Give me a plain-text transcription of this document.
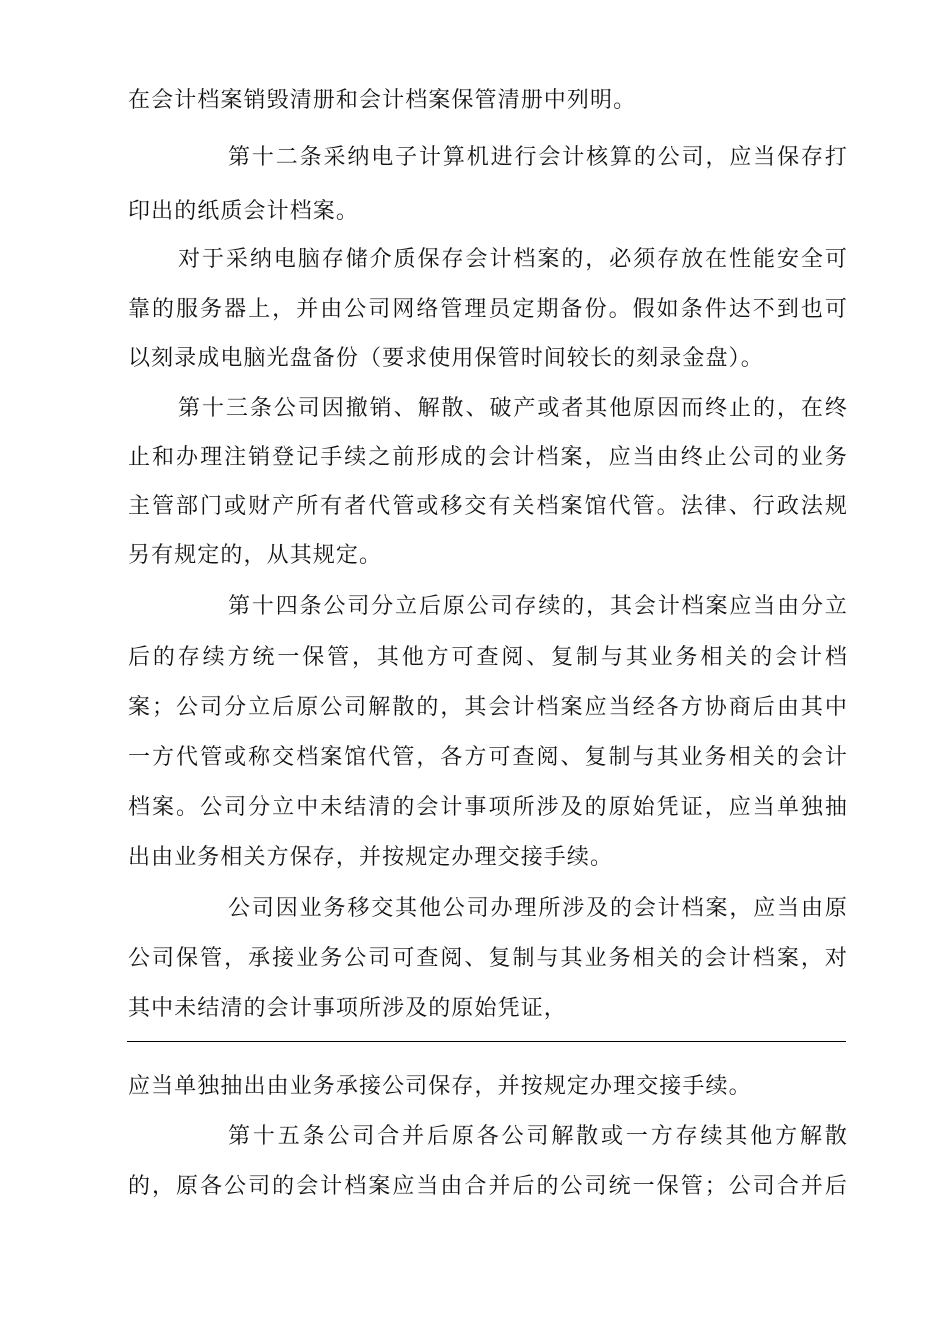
在会计档案销毁清册和会计档案保管清册中列明。
第十二条采纳电子计算机进行会计核算的公司，应当保存打
印出的纸质会计档案。
对于采纳电脑存储介质保存会计档案的，必须存放在性能安全可
靠的服务器上，并由公司网络管理员定期备份。假如条件达不到也可
以刻录成电脑光盘备份（要求使用保管时间较长的刻录金盘）。
第十三条公司因撤销、解散、破产或者其他原因而终止的，在终
止和办理注销登记手续之前形成的会计档案，应当由终止公司的业务
主管部门或财产所有者代管或移交有关档案馆代管。法律、行政法规
另有规定的，从其规定。
第十四条公司分立后原公司存续的，其会计档案应当由分立
后的存续方统一保管，其他方可查阅、复制与其业务相关的会计档
案；公司分立后原公司解散的，其会计档案应当经各方协商后由其中
一方代管或称交档案馆代管，各方可查阅、复制与其业务相关的会计
档案。公司分立中未结清的会计事项所涉及的原始凭证，应当单独抽
出由业务相关方保存，并按规定办理交接手续。
公司因业务移交其他公司办理所涉及的会计档案，应当由原
公司保管，承接业务公司可查阅、复制与其业务相关的会计档案，对
其中未结清的会计事项所涉及的原始凭证，
应当单独抽出由业务承接公司保存，并按规定办理交接手续。
第十五条公司合并后原各公司解散或一方存续其他方解散
的，原各公司的会计档案应当由合并后的公司统一保管；公司合并后
